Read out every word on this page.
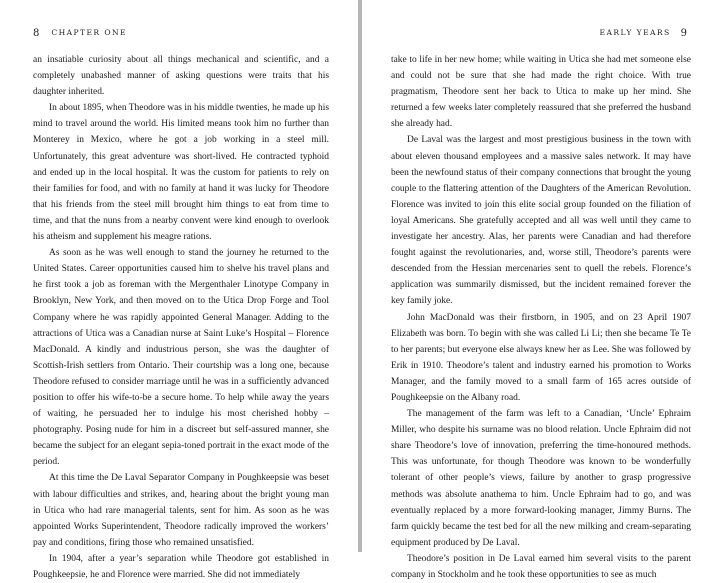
8 CHAPTER ONE

an insatiable curiosity about all things mechanical and scientific, and a completely unabashed manner of asking questions were traits that his daughter inherited.

In about 1895, when Theodore was in his middle twenties, he made up his mind to travel around the world. His limited means took him no further than Monterey in Mexico, where he got a job working in a steel mill. Unfortunately, this great adventure was short-lived. He contracted typhoid and ended up in the local hospital. It was the custom for patients to rely on their families for food, and with no family at hand it was lucky for Theodore that his friends from the steel mill brought him things to eat from time to time, and that the nuns from a nearby convent were kind enough to overlook his atheism and supplement his meagre rations.

As soon as he was well enough to stand the journey he returned to the United States. Career opportunities caused him to shelve his travel plans and he first took a job as foreman with the Mergenthaler Linotype Company in Brooklyn, New York, and then moved on to the Utica Drop Forge and Tool Company where he was rapidly appointed General Manager. Adding to the attractions of Utica was a Canadian nurse at Saint Luke’s Hospital – Florence MacDonald. A kindly and industrious person, she was the daughter of Scottish-Irish settlers from Ontario. Their courtship was a long one, because Theodore refused to consider marriage until he was in a sufficiently advanced position to offer his wife-to-be a secure home. To help while away the years of waiting, he persuaded her to indulge his most cherished hobby – photography. Posing nude for him in a discreet but self-assured manner, she became the subject for an elegant sepia-toned portrait in the exact mode of the period.

At this time the De Laval Separator Company in Poughkeepsie was beset with labour difficulties and strikes, and, hearing about the bright young man in Utica who had rare managerial talents, sent for him. As soon as he was appointed Works Superintendent, Theodore radically improved the workers’ pay and conditions, firing those who remained unsatisfied.

In 1904, after a year’s separation while Theodore got established in Poughkeepsie, he and Florence were married. She did not immediately

EARLY YEARS 9

take to life in her new home; while waiting in Utica she had met someone else and could not be sure that she had made the right choice. With true pragmatism, Theodore sent her back to Utica to make up her mind. She returned a few weeks later completely reassured that she preferred the husband she already had.

De Laval was the largest and most prestigious business in the town with about eleven thousand employees and a massive sales network. It may have been the newfound status of their company connections that brought the young couple to the flattering attention of the Daughters of the American Revolution. Florence was invited to join this elite social group founded on the filiation of loyal Americans. She gratefully accepted and all was well until they came to investigate her ancestry. Alas, her parents were Canadian and had therefore fought against the revolutionaries, and, worse still, Theodore’s parents were descended from the Hessian mercenaries sent to quell the rebels. Florence’s application was summarily dismissed, but the incident remained forever the key family joke.

John MacDonald was their firstborn, in 1905, and on 23 April 1907 Elizabeth was born. To begin with she was called Li Li; then she became Te Te to her parents; but everyone else always knew her as Lee. She was followed by Erik in 1910. Theodore’s talent and industry earned his promotion to Works Manager, and the family moved to a small farm of 165 acres outside of Poughkeepsie on the Albany road.

The management of the farm was left to a Canadian, ‘Uncle’ Ephraim Miller, who despite his surname was no blood relation. Uncle Ephraim did not share Theodore’s love of innovation, preferring the time-honoured methods. This was unfortunate, for though Theodore was known to be wonderfully tolerant of other people’s views, failure by another to grasp progressive methods was absolute anathema to him. Uncle Ephraim had to go, and was eventually replaced by a more forward-looking manager, Jimmy Burns. The farm quickly became the test bed for all the new milking and cream-separating equipment produced by De Laval.

Theodore’s position in De Laval earned him several visits to the parent company in Stockholm and he took these opportunities to see as much
